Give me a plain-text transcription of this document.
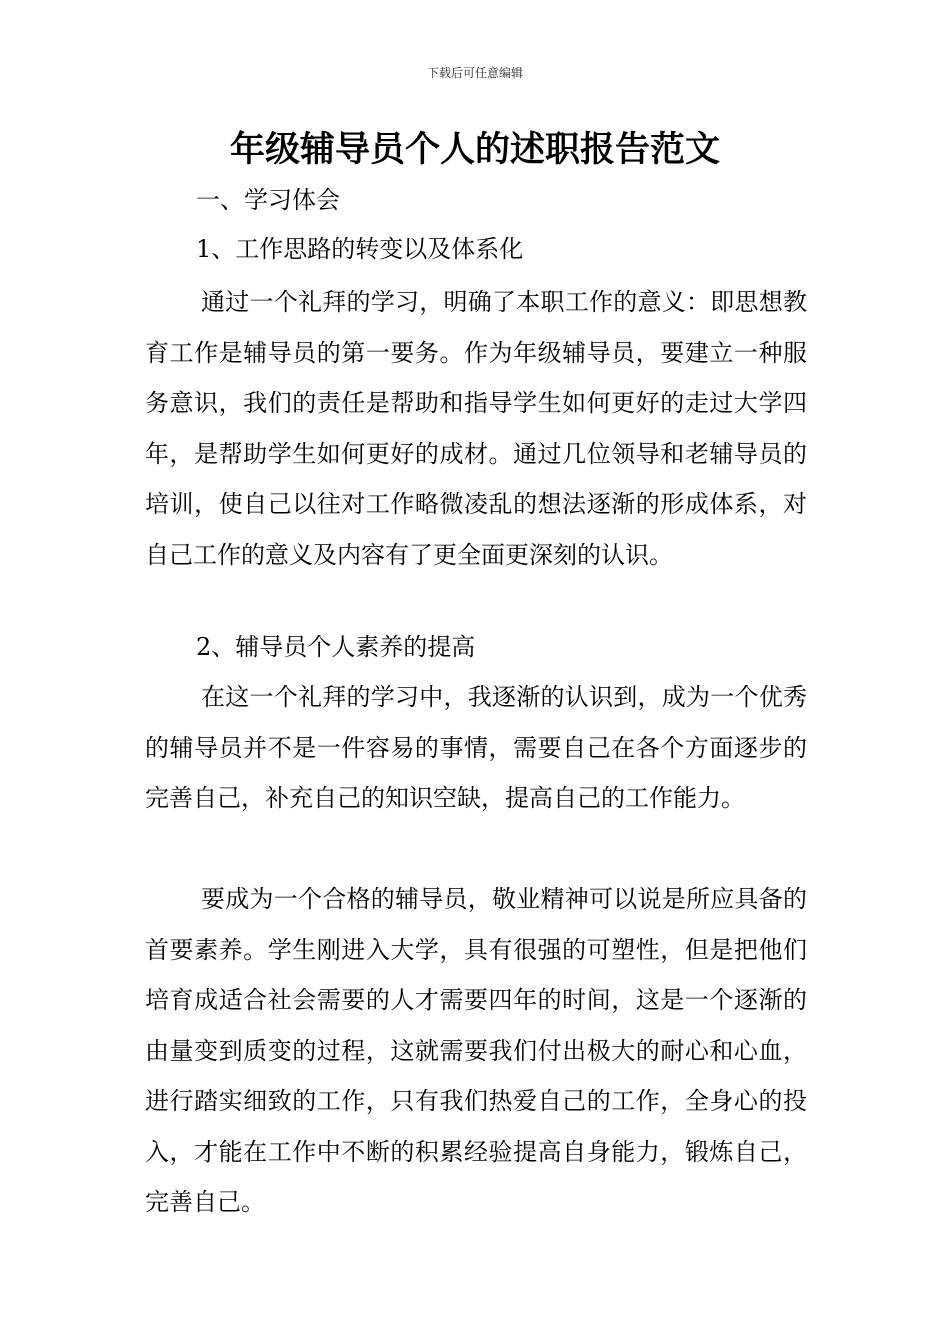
下载后可任意编辑
年级辅导员个人的述职报告范文

一、学习体会

1、工作思路的转变以及体系化

通过一个礼拜的学习，明确了本职工作的意义：即思想教育工作是辅导员的第一要务。作为年级辅导员，要建立一种服务意识，我们的责任是帮助和指导学生如何更好的走过大学四年，是帮助学生如何更好的成材。通过几位领导和老辅导员的培训，使自己以往对工作略微凌乱的想法逐渐的形成体系，对自己工作的意义及内容有了更全面更深刻的认识。

2、辅导员个人素养的提高

在这一个礼拜的学习中，我逐渐的认识到，成为一个优秀的辅导员并不是一件容易的事情，需要自己在各个方面逐步的完善自己，补充自己的知识空缺，提高自己的工作能力。

要成为一个合格的辅导员，敬业精神可以说是所应具备的首要素养。学生刚进入大学，具有很强的可塑性，但是把他们培育成适合社会需要的人才需要四年的时间，这是一个逐渐的由量变到质变的过程，这就需要我们付出极大的耐心和心血，进行踏实细致的工作，只有我们热爱自己的工作，全身心的投入，才能在工作中不断的积累经验提高自身能力，锻炼自己，完善自己。
